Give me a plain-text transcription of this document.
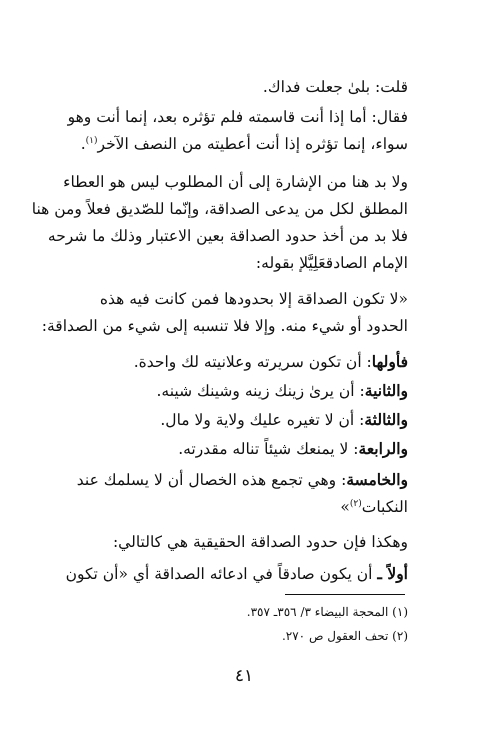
قلت: بلىٰ جعلت فداك.
فقال: أما إذا أنت قاسمته فلم تؤثره بعد، إنما أنت وهو
سواء، إنما تؤثره إذا أنت أعطيته من النصف الآخر$^{(١)}$.
ولا بد هنا من الإشارة إلى أن المطلوب ليس هو العطاء
المطلق لكل من يدعى الصداقة، وإنّما للصّديق فعلاً ومن هنا
فلا بد من أخذ حدود الصداقة بعين الاعتبار وذلك ما شرحه
الإمام الصادقعَلِيَّلإ بقوله:
«لا تكون الصداقة إلا بحدودها فمن كانت فيه هذه
الحدود أو شيء منه. وإلا فلا تنسبه إلى شيء من الصداقة:
فأولها: أن تكون سريرته وعلانيته لك واحدة.
والثانية: أن يرىٰ زينك زينه وشينك شينه.
والثالثة: أن لا تغيره عليك ولاية ولا مال.
والرابعة: لا يمنعك شيئاً تناله مقدرته.
والخامسة: وهي تجمع هذه الخصال أن لا يسلمك عند
النكبات$^{(٢)}$»
وهكذا فإن حدود الصداقة الحقيقية هي كالتالي:
أولاً ـ أن يكون صادقاً في ادعائه الصداقة أي «أن تكون
(١) المحجة البيضاء ٣/ ٣٥٦ـ ٣٥٧.
(٢) تحف العقول ص ٢٧٠.
٤١
